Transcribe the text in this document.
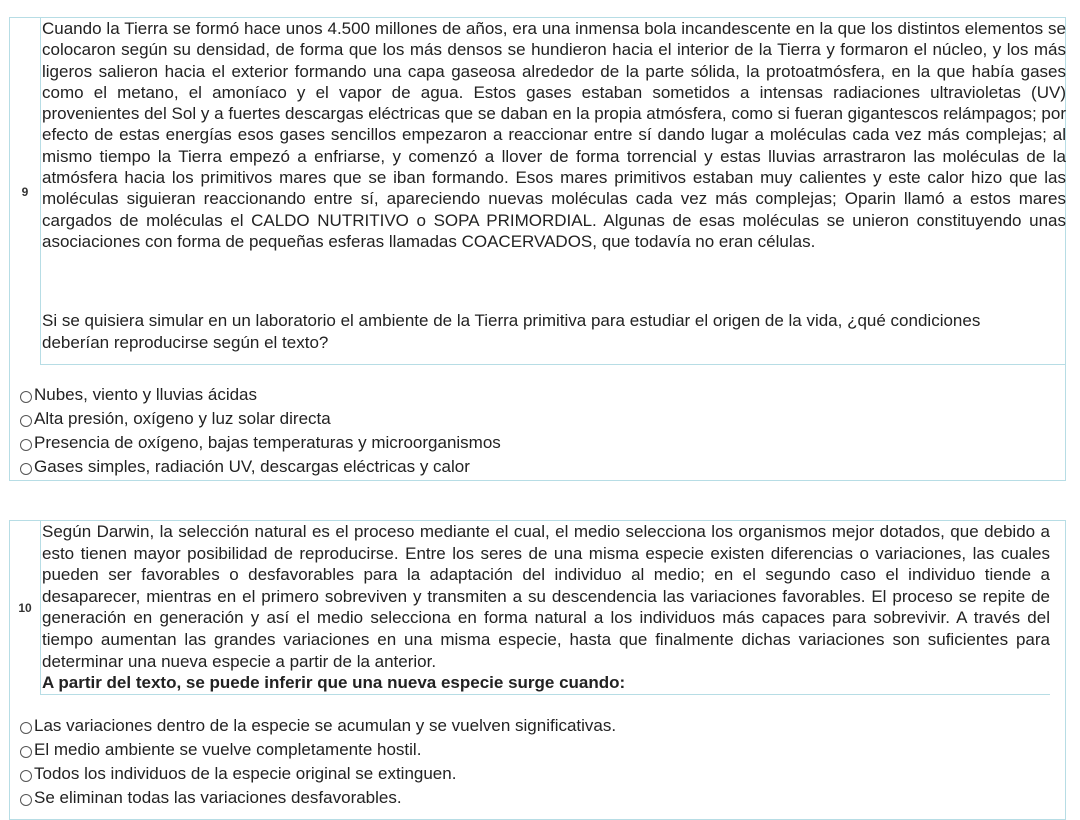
9

Cuando la Tierra se formó hace unos 4.500 millones de años, era una inmensa bola incandescente en la que los distintos elementos se colocaron según su densidad, de forma que los más densos se hundieron hacia el interior de la Tierra y formaron el núcleo, y los más ligeros salieron hacia el exterior formando una capa gaseosa alrededor de la parte sólida, la protoatmósfera, en la que había gases como el metano, el amoníaco y el vapor de agua. Estos gases estaban sometidos a intensas radiaciones ultravioletas (UV) provenientes del Sol y a fuertes descargas eléctricas que se daban en la propia atmósfera, como si fueran gigantescos relámpagos; por efecto de estas energías esos gases sencillos empezaron a reaccionar entre sí dando lugar a moléculas cada vez más complejas; al mismo tiempo la Tierra empezó a enfriarse, y comenzó a llover de forma torrencial y estas lluvias arrastraron las moléculas de la atmósfera hacia los primitivos mares que se iban formando. Esos mares primitivos estaban muy calientes y este calor hizo que las moléculas siguieran reaccionando entre sí, apareciendo nuevas moléculas cada vez más complejas; Oparin llamó a estos mares cargados de moléculas el CALDO NUTRITIVO o SOPA PRIMORDIAL. Algunas de esas moléculas se unieron constituyendo unas asociaciones con forma de pequeñas esferas llamadas COACERVADOS, que todavía no eran células.

Si se quisiera simular en un laboratorio el ambiente de la Tierra primitiva para estudiar el origen de la vida, ¿qué condiciones deberían reproducirse según el texto?

Nubes, viento y lluvias ácidas
Alta presión, oxígeno y luz solar directa
Presencia de oxígeno, bajas temperaturas y microorganismos
Gases simples, radiación UV, descargas eléctricas y calor
10

Según Darwin, la selección natural es el proceso mediante el cual, el medio selecciona los organismos mejor dotados, que debido a esto tienen mayor posibilidad de reproducirse. Entre los seres de una misma especie existen diferencias o variaciones, las cuales pueden ser favorables o desfavorables para la adaptación del individuo al medio; en el segundo caso el individuo tiende a desaparecer, mientras en el primero sobreviven y transmiten a su descendencia las variaciones favorables. El proceso se repite de generación en generación y así el medio selecciona en forma natural a los individuos más capaces para sobrevivir. A través del tiempo aumentan las grandes variaciones en una misma especie, hasta que finalmente dichas variaciones son suficientes para determinar una nueva especie a partir de la anterior.

A partir del texto, se puede inferir que una nueva especie surge cuando:

Las variaciones dentro de la especie se acumulan y se vuelven significativas.
El medio ambiente se vuelve completamente hostil.
Todos los individuos de la especie original se extinguen.
Se eliminan todas las variaciones desfavorables.
